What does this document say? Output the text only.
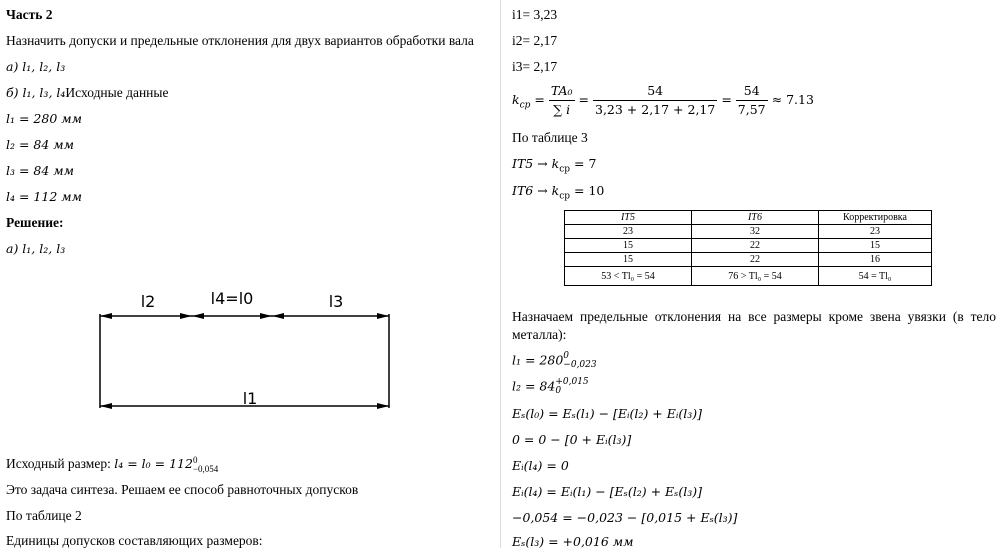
Часть 2
Назначить допуски и предельные отклонения для двух вариантов обработки вала
а) l₁, l₂, l₃
б) l₁, l₃, l₄Исходные данные
l₁ = 280 мм
l₂ = 84 мм
l₃ = 84 мм
l₄ = 112 мм
Решение:
а) l₁, l₂, l₃
l2	l4=l0	l3
l1
Исходный размер: l₄ = l₀ = 112 0
−0,054
Это задача синтеза. Решаем ее способ равноточных допусков
По таблице 2
Единицы допусков составляющих размеров:
i1= 3,23
i2= 2,17
i3= 2,17
$k_{cp} = \frac{\text{TA₀}}{\sum i} = \frac{54}{3,23 + 2,17 + 2,17} = \frac{54}{7,57} \approx 7.13$
По таблице 3
$IT5 \to k_{ср} = 7$
$IT6 \to k_{ср} = 10$
IT5	IT6	Корректировка
23	32	23
15	22	15
15	22	16
53 < Tl₀ = 54	76 > Tl₀ = 54	54 = Tl₀
Назначаем предельные отклонения на все размеры кроме звена увязки (в тело металла):
l₁ = 280 0
−0,023
l₂ = 84 +0,015
0
Eₛ(l₀) = Eₛ(l₁) − [Eᵢ(l₂) + Eᵢ(l₃)]
0 = 0 − [0 + Eᵢ(l₃)]
Eᵢ(l₄) = 0
Eᵢ(l₄) = Eᵢ(l₁) − [Eₛ(l₂) + Eₛ(l₃)]
−0,054 = −0,023 − [0,015 + Eₛ(l₃)]
Eₛ(l₃) = +0,016 мм
